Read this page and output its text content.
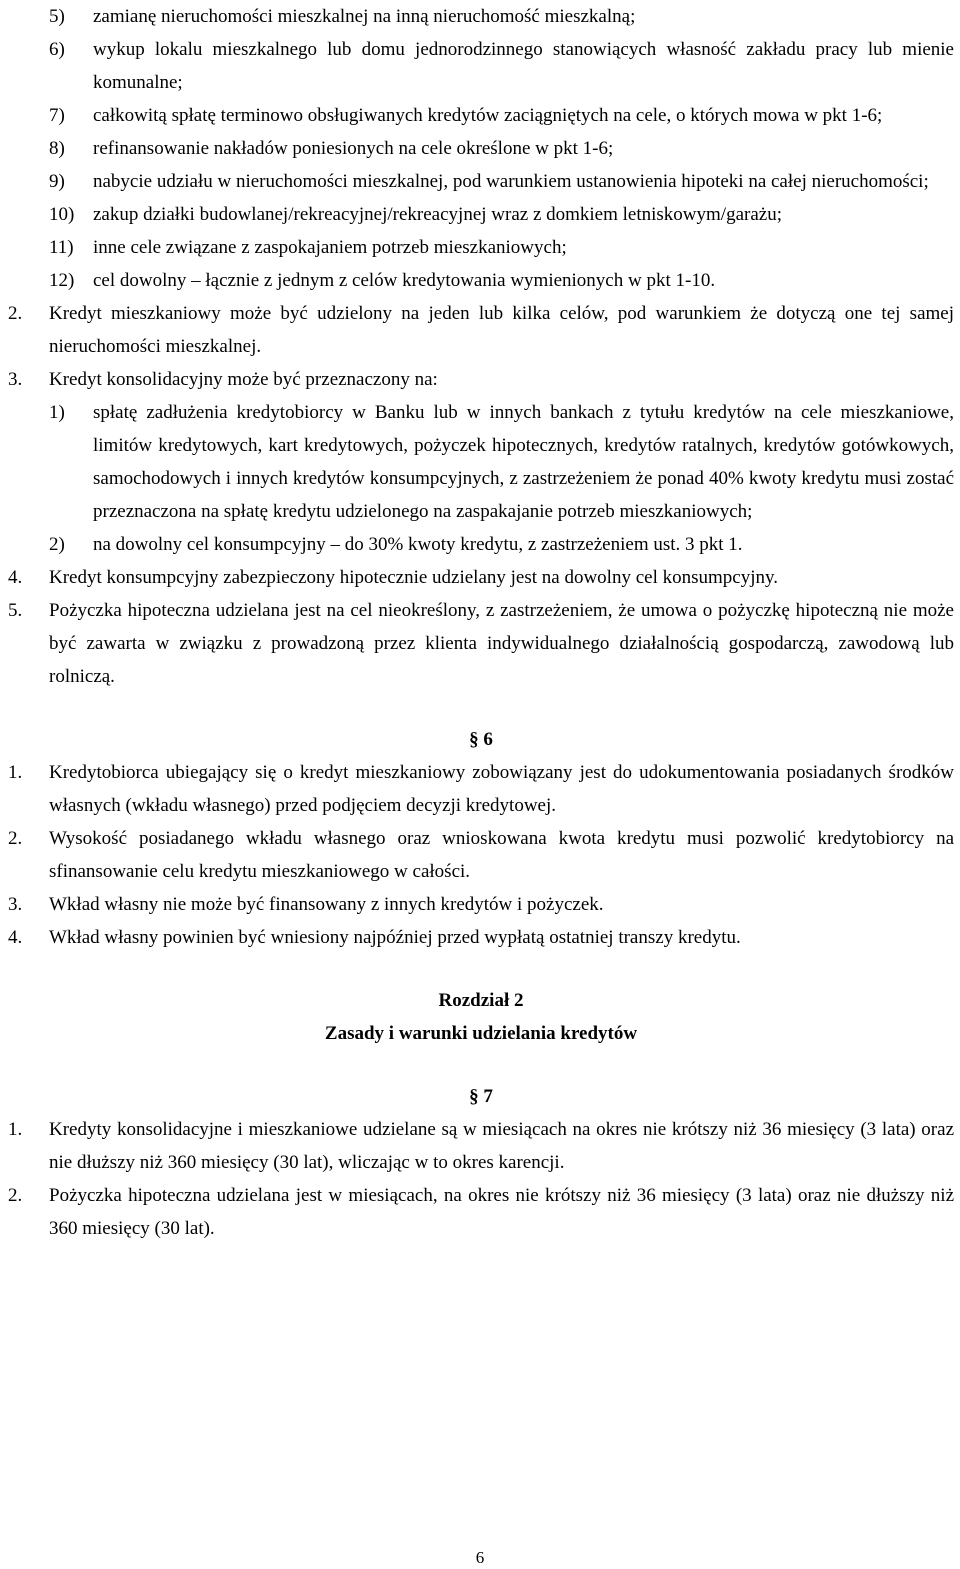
5)	zamianę nieruchomości mieszkalnej na inną nieruchomość mieszkalną;
6)	wykup lokalu mieszkalnego lub domu jednorodzinnego stanowiących własność zakładu pracy lub mienie komunalne;
7)	całkowitą spłatę terminowo obsługiwanych kredytów zaciągniętych na cele, o których mowa w pkt 1-6;
8)	refinansowanie nakładów poniesionych na cele określone w pkt 1-6;
9)	nabycie udziału w nieruchomości mieszkalnej, pod warunkiem ustanowienia hipoteki na całej nieruchomości;
10) zakup działki budowlanej/rekreacyjnej/rekreacyjnej wraz z domkiem letniskowym/garażu;
11)	inne cele związane z zaspokajaniem potrzeb mieszkaniowych;
12) cel dowolny – łącznie z jednym z celów kredytowania wymienionych w pkt 1-10.
2.	Kredyt mieszkaniowy może być udzielony na jeden lub kilka celów, pod warunkiem że dotyczą one tej samej nieruchomości mieszkalnej.
3.	Kredyt konsolidacyjny może być przeznaczony na:
1)	spłatę zadłużenia kredytobiorcy w Banku lub w innych bankach z tytułu kredytów na cele mieszkaniowe, limitów kredytowych, kart kredytowych, pożyczek hipotecznych, kredytów ratalnych, kredytów gotówkowych, samochodowych i innych kredytów konsumpcyjnych, z zastrzeżeniem że ponad 40% kwoty kredytu musi zostać przeznaczona na spłatę kredytu udzielonego na zaspakajanie potrzeb mieszkaniowych;
2)	na dowolny cel konsumpcyjny – do 30% kwoty kredytu, z zastrzeżeniem ust. 3 pkt 1.
4.	Kredyt konsumpcyjny zabezpieczony hipotecznie udzielany jest na dowolny cel konsumpcyjny.
5.	Pożyczka hipoteczna udzielana jest na cel nieokreślony, z zastrzeżeniem, że umowa o pożyczkę hipoteczną nie może być zawarta w związku z prowadzoną przez klienta indywidualnego działalnością gospodarczą, zawodową lub rolniczą.
§ 6
1.	Kredytobiorca ubiegający się o kredyt mieszkaniowy zobowiązany jest do udokumentowania posiadanych środków własnych (wkładu własnego) przed podjęciem decyzji kredytowej.
2.	Wysokość posiadanego wkładu własnego oraz wnioskowana kwota kredytu musi pozwolić kredytobiorcy na sfinansowanie celu kredytu mieszkaniowego w całości.
3.	Wkład własny nie może być finansowany z innych kredytów i pożyczek.
4.	Wkład własny powinien być wniesiony najpóźniej przed wypłatą ostatniej transzy kredytu.
Rozdział 2
Zasady i warunki udzielania kredytów
§ 7
1.	Kredyty konsolidacyjne i mieszkaniowe udzielane są w miesiącach na okres nie krótszy niż 36 miesięcy (3 lata) oraz nie dłuższy niż 360 miesięcy (30 lat), wliczając w to okres karencji.
2.	Pożyczka hipoteczna udzielana jest w miesiącach, na okres nie krótszy niż 36 miesięcy (3 lata) oraz nie dłuższy niż 360 miesięcy (30 lat).
6
